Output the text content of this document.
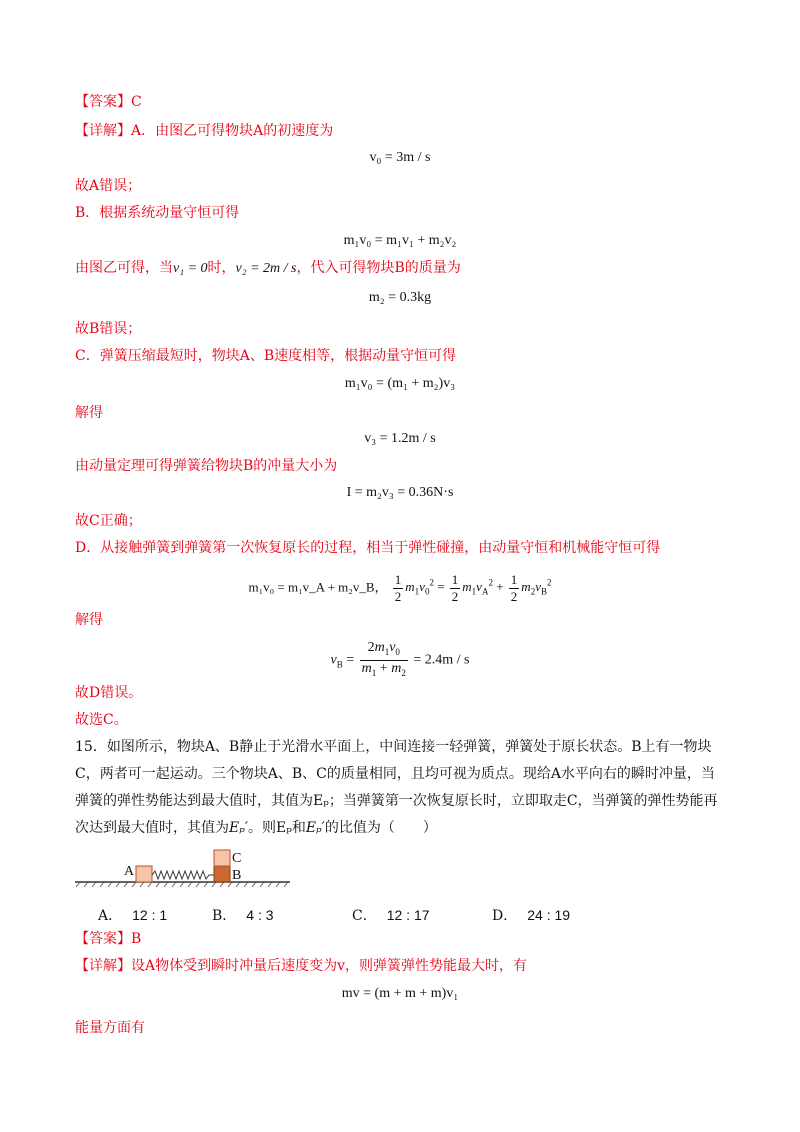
【答案】C
【详解】A．由图乙可得物块A的初速度为
v₀ = 3m / s
故A错误；
B．根据系统动量守恒可得
m₁v₀ = m₁v₁ + m₂v₂
由图乙可得，当v₁ = 0时，v₂ = 2m / s，代入可得物块B的质量为
m₂ = 0.3kg
故B错误；
C．弹簧压缩最短时，物块A、B速度相等，根据动量守恒可得
m₁v₀ = (m₁ + m₂)v₃
解得
v₃ = 1.2m / s
由动量定理可得弹簧给物块B的冲量大小为
I = m₂v₃ = 0.36N·s
故C正确；
D．从接触弹簧到弹簧第一次恢复原长的过程，相当于弹性碰撞，由动量守恒和机械能守恒可得
m₁v₀ = m₁v_A + m₂v_B， $\frac{1}{2} m_1v_0^2 = \frac{1}{2} m_1v_A^2 + \frac{1}{2} m_2v_B^2$
解得
$v_B = \frac{2m_1v_0}{m_1 + m_2} = 2.4m / s$
故D错误。
故选C。
15．如图所示，物块A、B静止于光滑水平面上，中间连接一轻弹簧，弹簧处于原长状态。B上有一物块
C，两者可一起运动。三个物块A、B、C的质量相同，且均可视为质点。现给A水平向右的瞬时冲量，当
弹簧的弹性势能达到最大值时，其值为Eₚ；当弹簧第一次恢复原长时，立即取走C，当弹簧的弹性势能再
次达到最大值时，其值为Eₚ′。则Eₚ和Eₚ′的比值为（　　）
A	B
C
A． 12 : 1	B． 4 : 3	C． 12 : 17	D． 24 : 19
【答案】B
【详解】设A物体受到瞬时冲量后速度变为v，则弹簧弹性势能最大时，有
mv = (m + m + m)v₁
能量方面有
